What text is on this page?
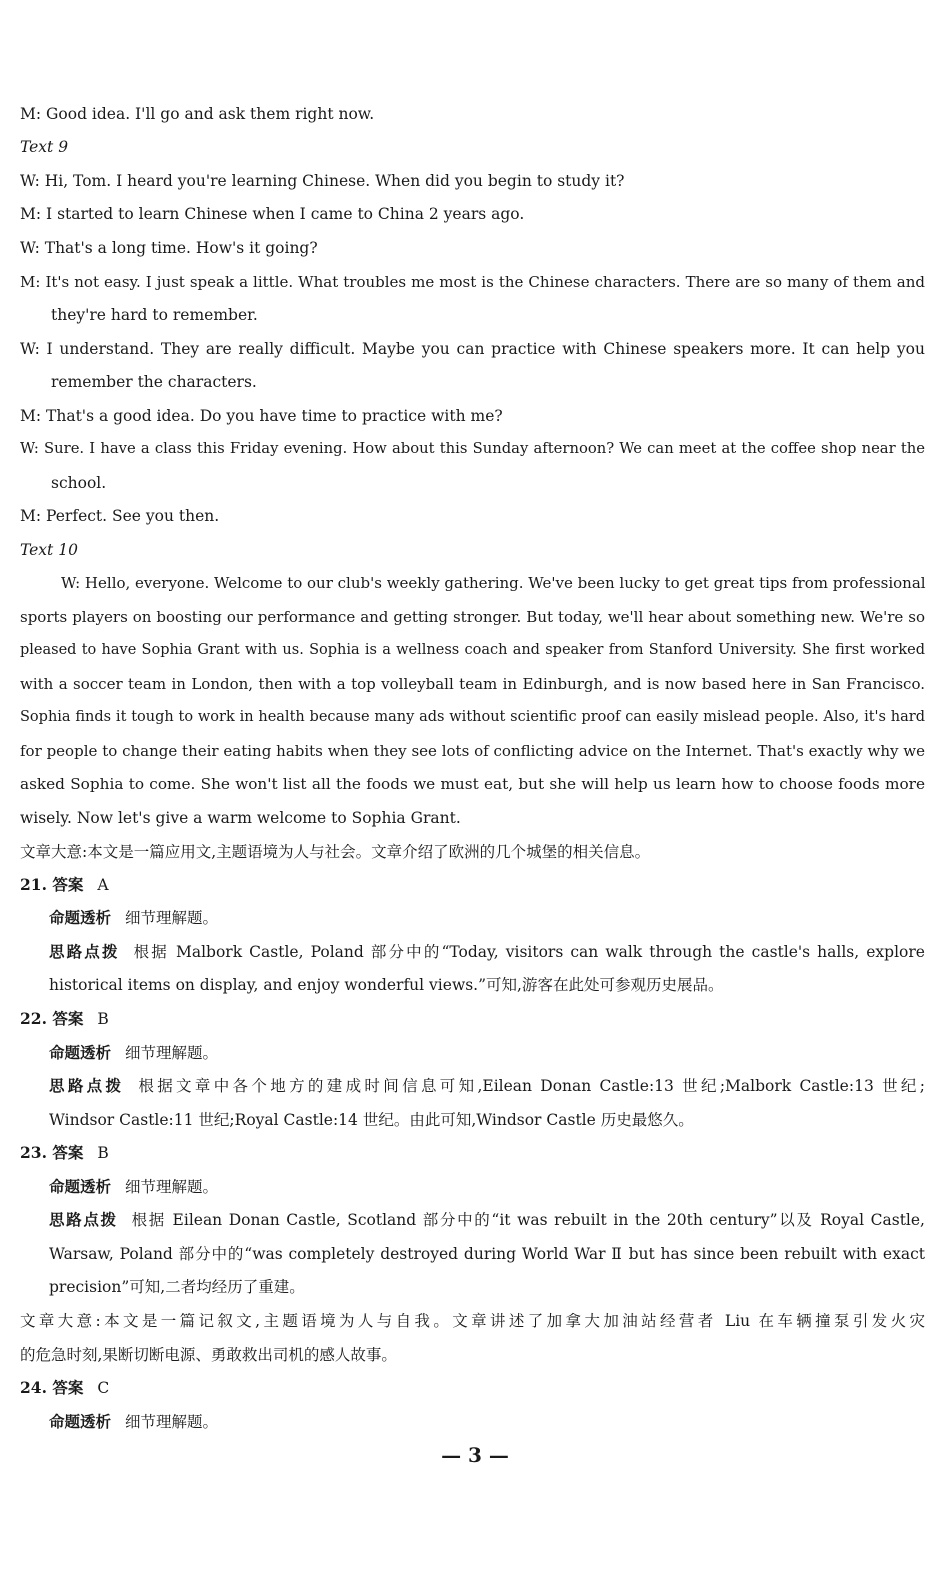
M: Good idea. I'll go and ask them right now.
Text 9
W: Hi, Tom. I heard you're learning Chinese. When did you begin to study it?
M: I started to learn Chinese when I came to China 2 years ago.
W: That's a long time. How's it going?
M: It's not easy. I just speak a little. What troubles me most is the Chinese characters. There are so many of them and
they're hard to remember.
W: I understand. They are really difficult. Maybe you can practice with Chinese speakers more. It can help you
remember the characters.
M: That's a good idea. Do you have time to practice with me?
W: Sure. I have a class this Friday evening. How about this Sunday afternoon? We can meet at the coffee shop near the
school.
M: Perfect. See you then.
Text 10
W: Hello, everyone. Welcome to our club's weekly gathering. We've been lucky to get great tips from professional
sports players on boosting our performance and getting stronger. But today, we'll hear about something new. We're so
pleased to have Sophia Grant with us. Sophia is a wellness coach and speaker from Stanford University. She first worked
with a soccer team in London, then with a top volleyball team in Edinburgh, and is now based here in San Francisco.
Sophia finds it tough to work in health because many ads without scientific proof can easily mislead people. Also, it's hard
for people to change their eating habits when they see lots of conflicting advice on the Internet. That's exactly why we
asked Sophia to come. She won't list all the foods we must eat, but she will help us learn how to choose foods more
wisely. Now let's give a warm welcome to Sophia Grant.
文章大意:本文是一篇应用文,主题语境为人与社会。文章介绍了欧洲的几个城堡的相关信息。
21. 答案 A
命题透析 细节理解题。
思路点拨 根据 Malbork Castle, Poland 部分中的“Today, visitors can walk through the castle's halls, explore
historical items on display, and enjoy wonderful views.”可知,游客在此处可参观历史展品。
22. 答案 B
命题透析 细节理解题。
思路点拨 根据文章中各个地方的建成时间信息可知,Eilean Donan Castle:13 世纪;Malbork Castle:13 世纪;
Windsor Castle:11 世纪;Royal Castle:14 世纪。由此可知,Windsor Castle 历史最悠久。
23. 答案 B
命题透析 细节理解题。
思路点拨 根据 Eilean Donan Castle, Scotland 部分中的“it was rebuilt in the 20th century”以及 Royal Castle,
Warsaw, Poland 部分中的“was completely destroyed during World War Ⅱ but has since been rebuilt with exact
precision”可知,二者均经历了重建。
文章大意:本文是一篇记叙文,主题语境为人与自我。文章讲述了加拿大加油站经营者 Liu 在车辆撞泵引发火灾
的危急时刻,果断切断电源、勇敢救出司机的感人故事。
24. 答案 C
命题透析 细节理解题。
— 3 —
